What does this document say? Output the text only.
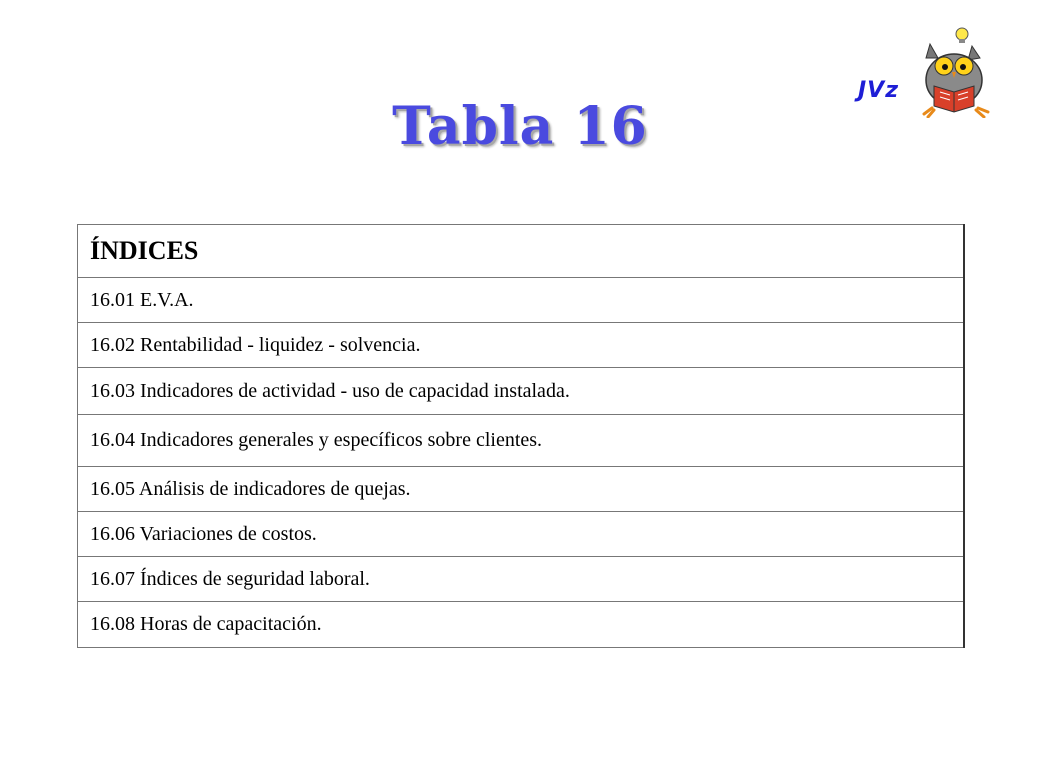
JVz
Tabla 16
ÍNDICES
16.01 E.V.A.
16.02 Rentabilidad - liquidez - solvencia.
16.03 Indicadores de actividad - uso de capacidad instalada.
16.04 Indicadores generales y específicos sobre clientes.
16.05 Análisis de indicadores de quejas.
16.06 Variaciones de costos.
16.07 Índices de seguridad laboral.
16.08 Horas de capacitación.
